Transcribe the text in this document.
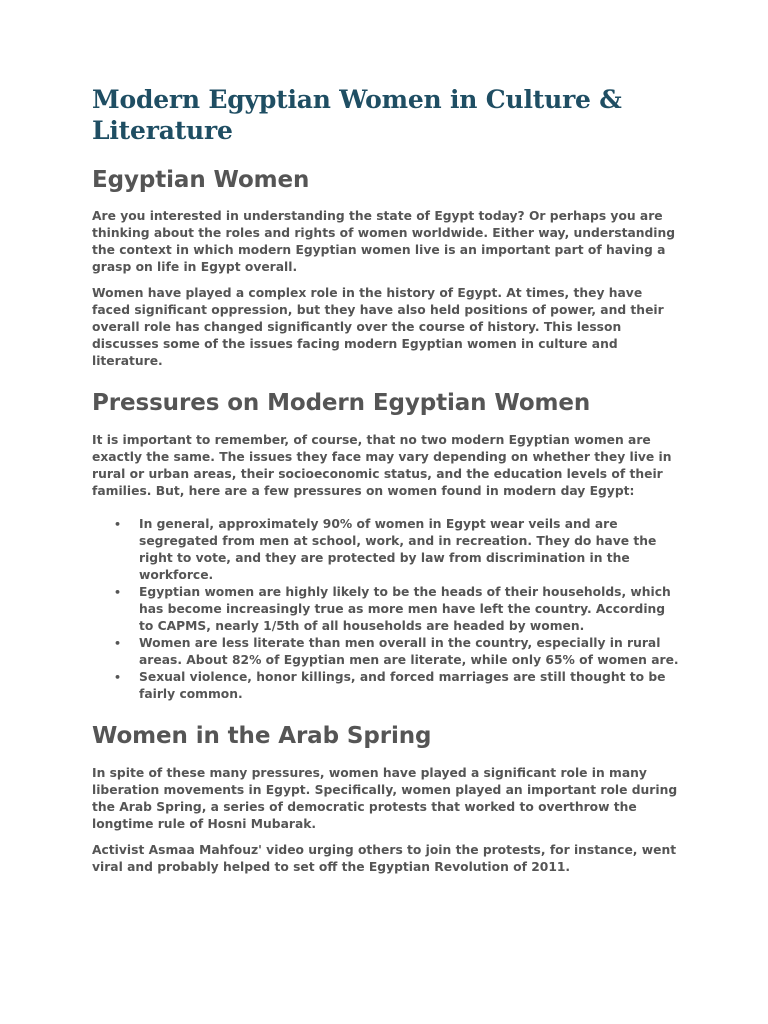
Modern Egyptian Women in Culture & Literature
Egyptian Women

Are you interested in understanding the state of Egypt today? Or perhaps you are thinking about the roles and rights of women worldwide. Either way, understanding the context in which modern Egyptian women live is an important part of having a grasp on life in Egypt overall.

Women have played a complex role in the history of Egypt. At times, they have faced significant oppression, but they have also held positions of power, and their overall role has changed significantly over the course of history. This lesson discusses some of the issues facing modern Egyptian women in culture and literature.

Pressures on Modern Egyptian Women

It is important to remember, of course, that no two modern Egyptian women are exactly the same. The issues they face may vary depending on whether they live in rural or urban areas, their socioeconomic status, and the education levels of their families. But, here are a few pressures on women found in modern day Egypt:

• In general, approximately 90% of women in Egypt wear veils and are segregated from men at school, work, and in recreation. They do have the right to vote, and they are protected by law from discrimination in the workforce.
• Egyptian women are highly likely to be the heads of their households, which has become increasingly true as more men have left the country. According to CAPMS, nearly 1/5th of all households are headed by women.
• Women are less literate than men overall in the country, especially in rural areas. About 82% of Egyptian men are literate, while only 65% of women are.
• Sexual violence, honor killings, and forced marriages are still thought to be fairly common.
Women in the Arab Spring

In spite of these many pressures, women have played a significant role in many liberation movements in Egypt. Specifically, women played an important role during the Arab Spring, a series of democratic protests that worked to overthrow the longtime rule of Hosni Mubarak.

Activist Asmaa Mahfouz' video urging others to join the protests, for instance, went viral and probably helped to set off the Egyptian Revolution of 2011.
